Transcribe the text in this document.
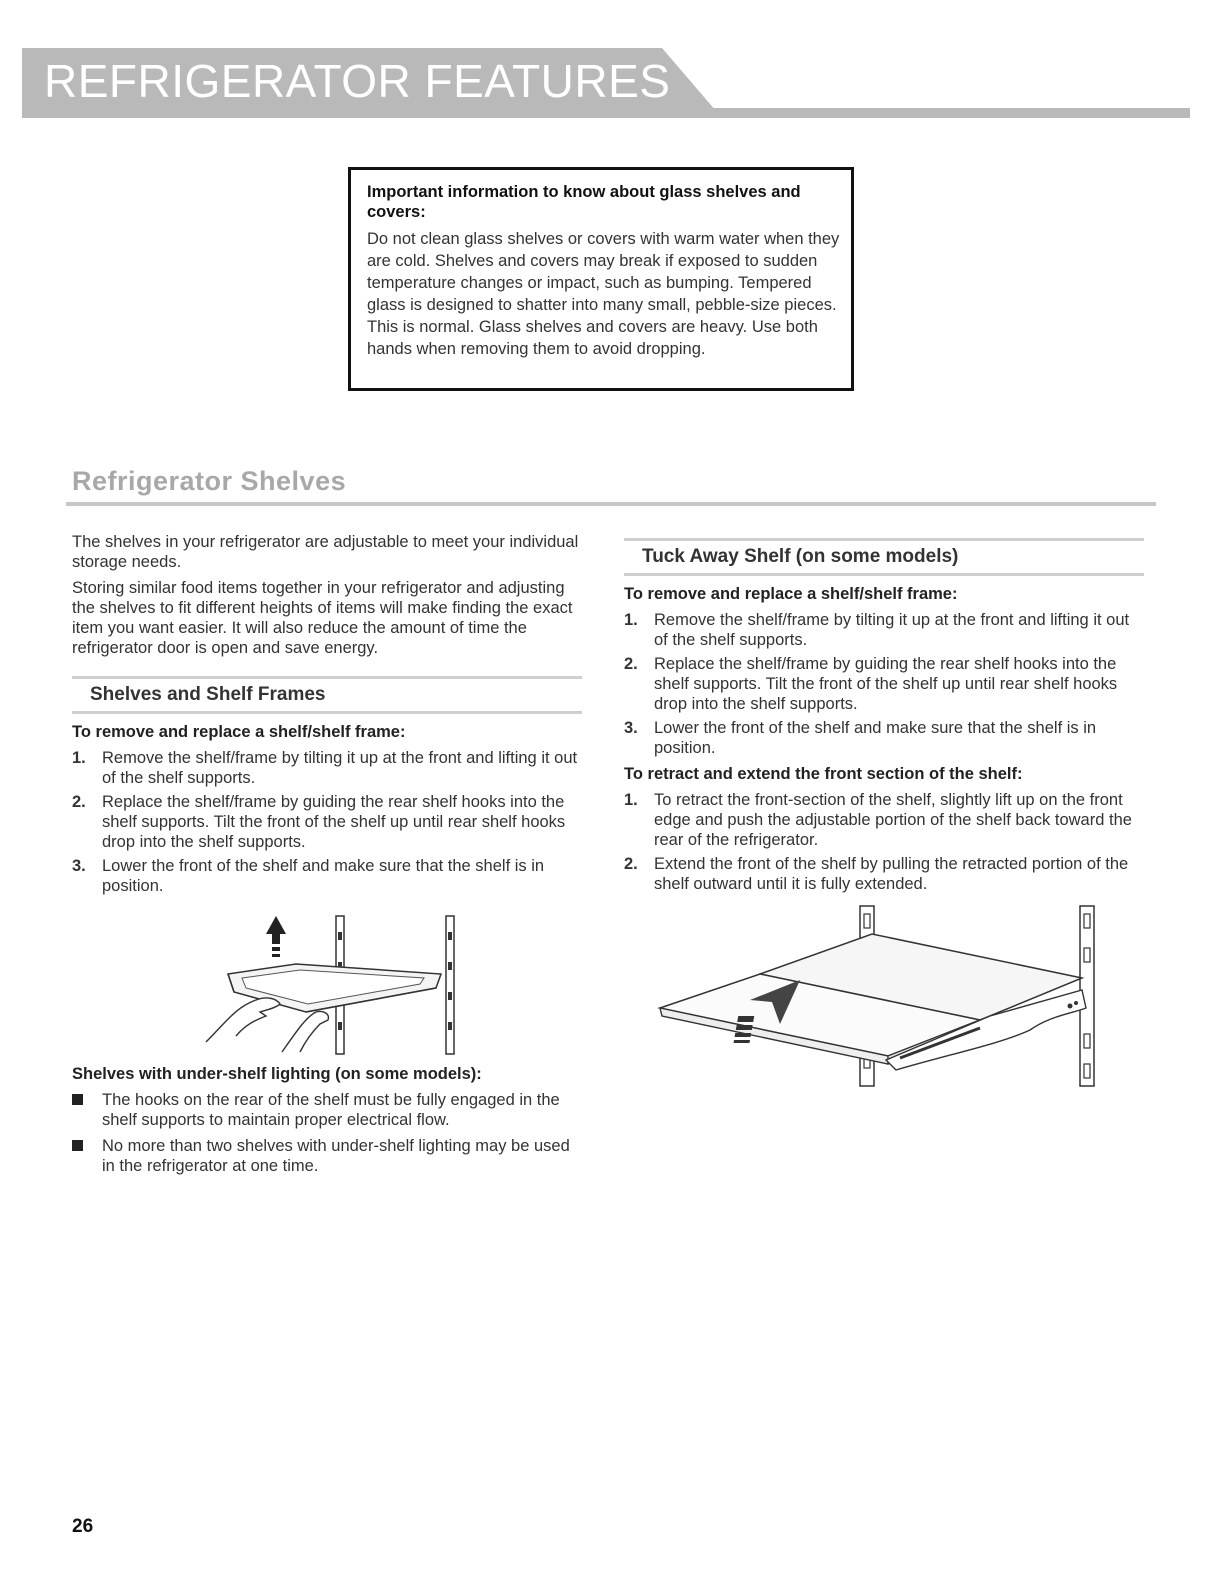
REFRIGERATOR FEATURES

Important information to know about glass shelves and covers:

Do not clean glass shelves or covers with warm water when they are cold. Shelves and covers may break if exposed to sudden temperature changes or impact, such as bumping. Tempered glass is designed to shatter into many small, pebble-size pieces. This is normal. Glass shelves and covers are heavy. Use both hands when removing them to avoid dropping.

Refrigerator Shelves

The shelves in your refrigerator are adjustable to meet your individual storage needs.

Storing similar food items together in your refrigerator and adjusting the shelves to fit different heights of items will make finding the exact item you want easier. It will also reduce the amount of time the refrigerator door is open and save energy.

Shelves and Shelf Frames

To remove and replace a shelf/shelf frame:

1. Remove the shelf/frame by tilting it up at the front and lifting it out of the shelf supports.
2. Replace the shelf/frame by guiding the rear shelf hooks into the shelf supports. Tilt the front of the shelf up until rear shelf hooks drop into the shelf supports.
3. Lower the front of the shelf and make sure that the shelf is in position.

Shelves with under-shelf lighting (on some models):

The hooks on the rear of the shelf must be fully engaged in the shelf supports to maintain proper electrical flow.
No more than two shelves with under-shelf lighting may be used in the refrigerator at one time.
Tuck Away Shelf (on some models)

To remove and replace a shelf/shelf frame:

1. Remove the shelf/frame by tilting it up at the front and lifting it out of the shelf supports.
2. Replace the shelf/frame by guiding the rear shelf hooks into the shelf supports. Tilt the front of the shelf up until rear shelf hooks drop into the shelf supports.
3. Lower the front of the shelf and make sure that the shelf is in position.

To retract and extend the front section of the shelf:

1. To retract the front-section of the shelf, slightly lift up on the front edge and push the adjustable portion of the shelf back toward the rear of the refrigerator.
2. Extend the front of the shelf by pulling the retracted portion of the shelf outward until it is fully extended.
26
